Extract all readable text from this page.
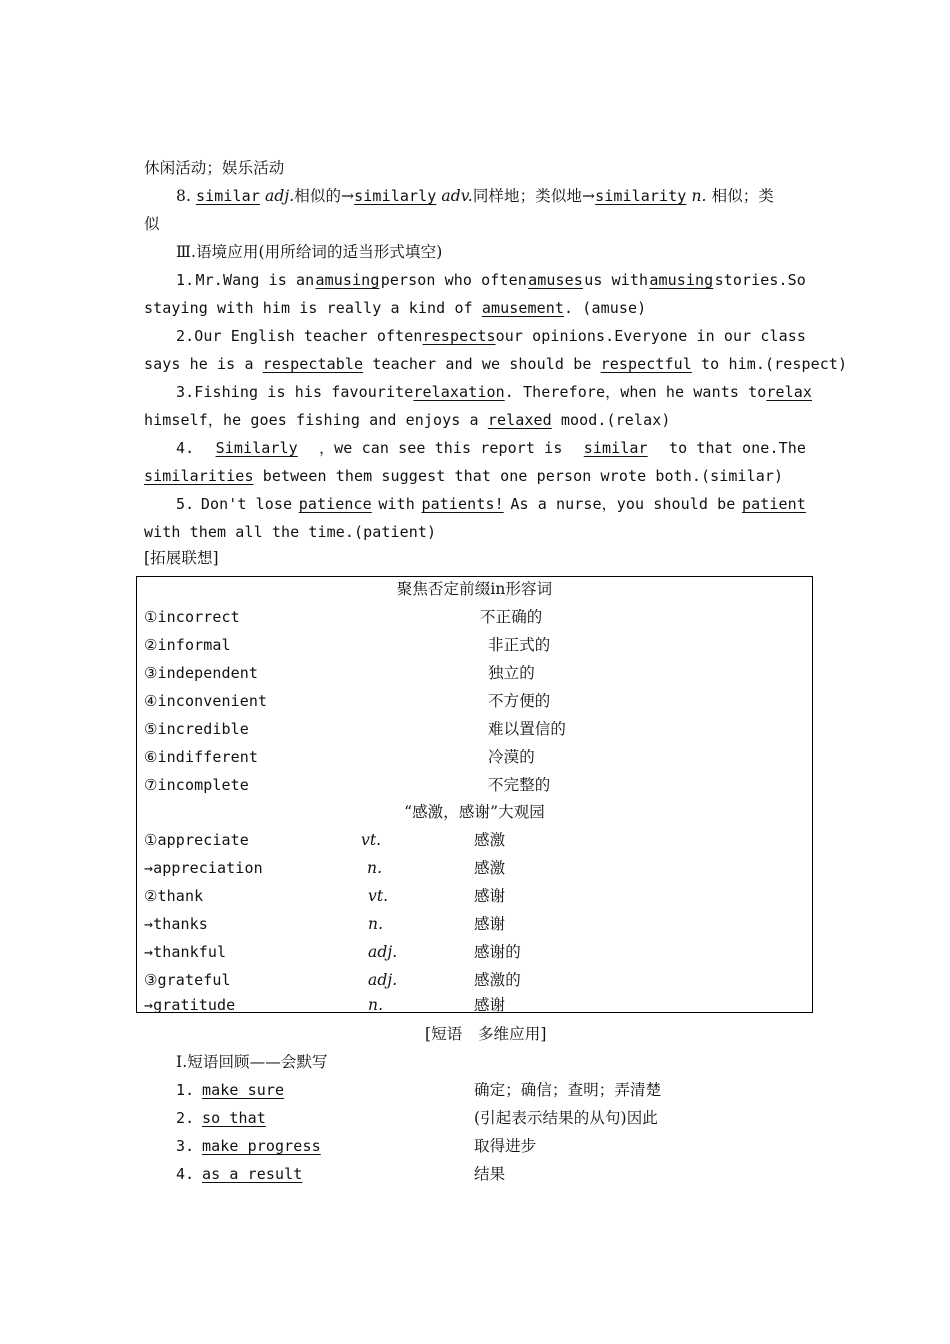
休闲活动；娱乐活动
8. similar adj.相似的→similarly adv.同样地；类似地→similarity n. 相似；类
似
Ⅲ.语境应用(用所给词的适当形式填空)
1. Mr.Wang is an amusing person who often amuses us with amusing stories.So
staying with him is really a kind of amusement. (amuse)
2. Our English teacher often respects our opinions.Everyone in our class
says he is a respectable teacher and we should be respectful to him.(respect)
3. Fishing is his favourite relaxation . Therefore，when he wants to relax
himself，he goes fishing and enjoys a relaxed mood.(relax)
4. Similarly ，we can see this report is similar to that one.The
similarities between them suggest that one person wrote both.(similar)
5. Don't lose patience with patients! As a nurse，you should be patient
with them all the time.(patient)
[拓展联想]
聚焦否定前缀in形容词
①incorrect	不正确的
②informal	非正式的
③independent	独立的
④inconvenient	不方便的
⑤incredible	难以置信的
⑥indifferent	冷漠的
⑦incomplete	不完整的
“感激，感谢”大观园
①appreciate	vt.	感激
→appreciation	n.	感激
②thank	vt.	感谢
→thanks	n.	感谢
→thankful	adj.	感谢的
③grateful	adj.	感激的
→gratitude	n.	感谢
[短语　多维应用]
Ⅰ.短语回顾——会默写
1. make sure	确定；确信；查明；弄清楚
2. so that	(引起表示结果的从句)因此
3. make progress	取得进步
4. as a result	结果
